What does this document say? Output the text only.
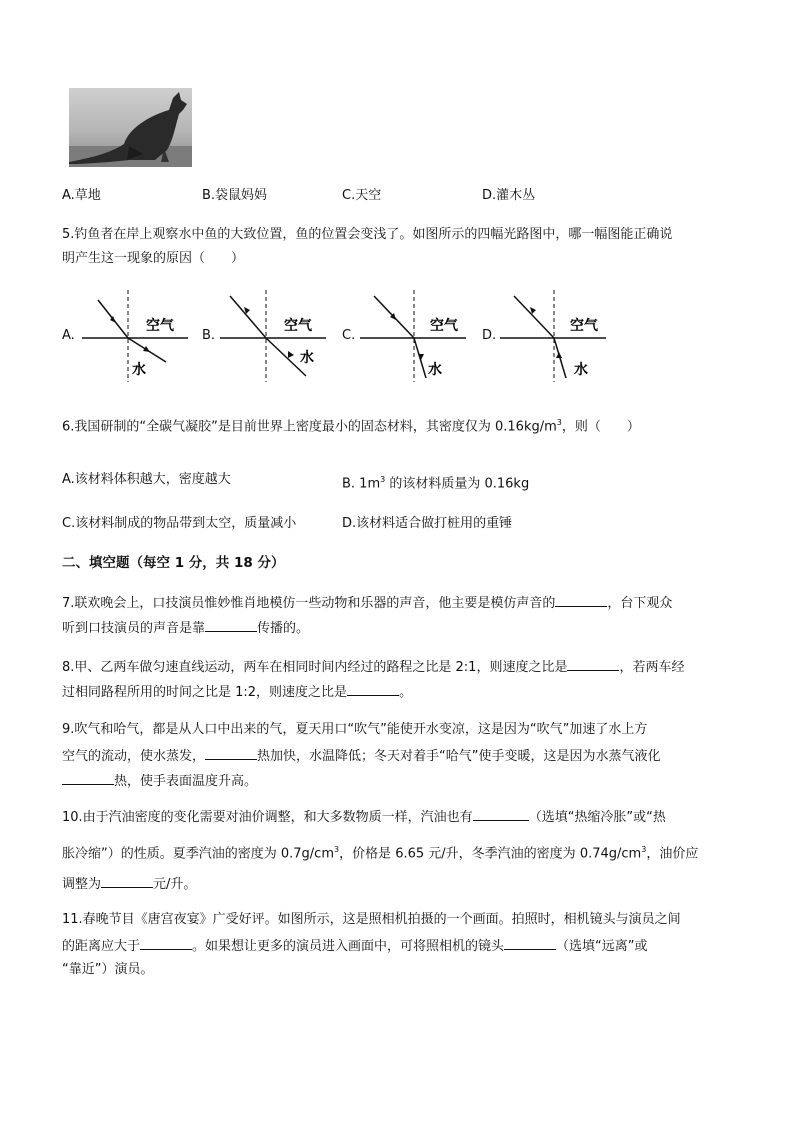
A.草地	B.袋鼠妈妈	C.天空	D.灌木丛
5.钓鱼者在岸上观察水中鱼的大致位置，鱼的位置会变浅了。如图所示的四幅光路图中，哪一幅图能正确说
明产生这一现象的原因（　　）
A.	B.	C.	D.
空气
水
空气
水
空气
水
空气
水
6.我国研制的“全碳气凝胶”是目前世界上密度最小的固态材料，其密度仅为 $0.16kg/m^3$，则（　　）
A.该材料体积越大，密度越大	B. $1m^3$ 的该材料质量为 0.16kg
C.该材料制成的物品带到太空，质量减小	D.该材料适合做打桩用的重锤
二、填空题（每空 1 分，共 18 分）
7.联欢晚会上，口技演员惟妙惟肖地模仿一些动物和乐器的声音，他主要是模仿声音的	，台下观众
听到口技演员的声音是靠	传播的。
8.甲、乙两车做匀速直线运动，两车在相同时间内经过的路程之比是 2:1，则速度之比是	，若两车经
过相同路程所用的时间之比是 1:2，则速度之比是	。
9.吹气和哈气，都是从人口中出来的气，夏天用口“吹气”能使开水变凉，这是因为“吹气”加速了水上方
空气的流动，使水蒸发，	热加快，水温降低；冬天对着手“哈气”使手变暖，这是因为水蒸气液化
热，使手表面温度升高。
10.由于汽油密度的变化需要对油价调整，和大多数物质一样，汽油也有	（选填“热缩冷胀”或“热
胀冷缩”）的性质。夏季汽油的密度为 $0.7g/cm^3$，价格是 6.65 元/升，冬季汽油的密度为 $0.74g/cm^3$，油价应
调整为	元/升。
11.春晚节目《唐宫夜宴》广受好评。如图所示，这是照相机拍摄的一个画面。拍照时，相机镜头与演员之间
的距离应大于	。如果想让更多的演员进入画面中，可将照相机的镜头	（选填“远离”或
“靠近”）演员。
